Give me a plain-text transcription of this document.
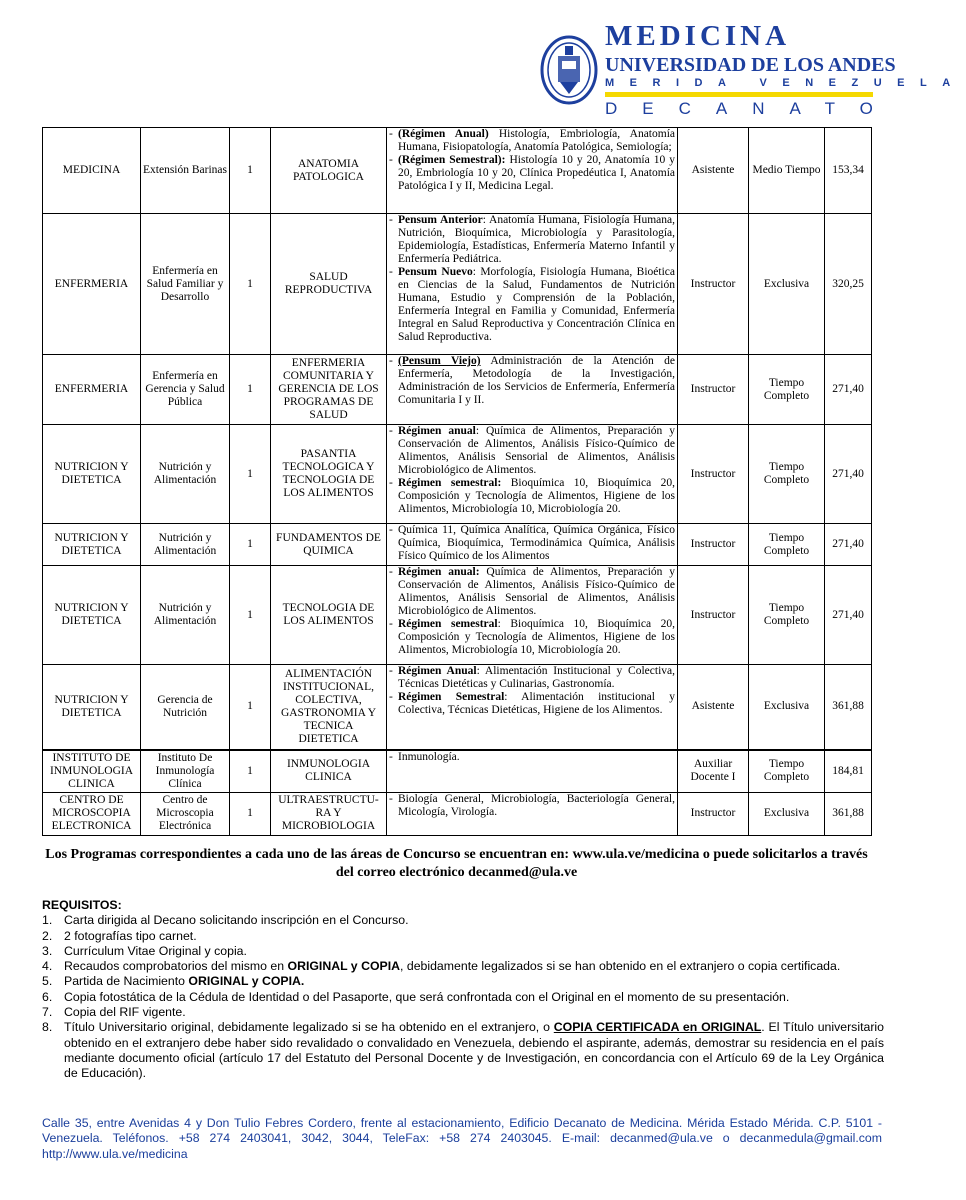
MEDICINA
UNIVERSIDAD DE LOS ANDES
MERIDA VENEZUELA
DECANATO
MEDICINA	Extensión Barinas	1	ANATOMIA PATOLOGICA	- (Régimen Anual) Histología, Embriología, Anatomía Humana, Fisiopatología, Anatomía Patológica, Semiología;
- (Régimen Semestral): Histología 10 y 20, Anatomía 10 y 20, Embriología 10 y 20, Clínica Propedéutica I, Anatomía Patológica I y II, Medicina Legal.	Asistente	Medio Tiempo	153,34
ENFERMERIA	Enfermería en Salud Familiar y Desarrollo	1	SALUD REPRODUCTIVA	- Pensum Anterior: Anatomía Humana, Fisiología Humana, Nutrición, Bioquímica, Microbiología y Parasitología, Epidemiología, Estadísticas, Enfermería Materno Infantil y Enfermería Pediátrica.
- Pensum Nuevo: Morfología, Fisiología Humana, Bioética en Ciencias de la Salud, Fundamentos de Nutrición Humana, Estudio y Comprensión de la Población, Enfermería Integral en Familia y Comunidad, Enfermería Integral en Salud Reproductiva y Concentración Clínica en Salud Reproductiva.	Instructor	Exclusiva	320,25
ENFERMERIA	Enfermería en Gerencia y Salud Pública	1	ENFERMERIA COMUNITARIA Y GERENCIA DE LOS PROGRAMAS DE SALUD	- (Pensum Viejo) Administración de la Atención de Enfermería, Metodología de la Investigación, Administración de los Servicios de Enfermería, Enfermería Comunitaria I y II.	Instructor	Tiempo Completo	271,40
NUTRICION Y DIETETICA	Nutrición y Alimentación	1	PASANTIA TECNOLOGICA Y TECNOLOGIA DE LOS ALIMENTOS	- Régimen anual: Química de Alimentos, Preparación y Conservación de Alimentos, Análisis Físico-Químico de Alimentos, Análisis Sensorial de Alimentos, Análisis Microbiológico de Alimentos.
- Régimen semestral: Bioquímica 10, Bioquímica 20, Composición y Tecnología de Alimentos, Higiene de los Alimentos, Microbiología 10, Microbiología 20.	Instructor	Tiempo Completo	271,40
NUTRICION Y DIETETICA	Nutrición y Alimentación	1	FUNDAMENTOS DE QUIMICA	- Química 11, Química Analítica, Química Orgánica, Físico Química, Bioquímica, Termodinámica Química, Análisis Físico Químico de los Alimentos	Instructor	Tiempo Completo	271,40
NUTRICION Y DIETETICA	Nutrición y Alimentación	1	TECNOLOGIA DE LOS ALIMENTOS	- Régimen anual: Química de Alimentos, Preparación y Conservación de Alimentos, Análisis Físico-Químico de Alimentos, Análisis Sensorial de Alimentos, Análisis Microbiológico de Alimentos.
- Régimen semestral: Bioquímica 10, Bioquímica 20, Composición y Tecnología de Alimentos, Higiene de los Alimentos, Microbiología 10, Microbiología 20.	Instructor	Tiempo Completo	271,40
NUTRICION Y DIETETICA	Gerencia de Nutrición	1	ALIMENTACIÓN INSTITUCIONAL, COLECTIVA, GASTRONOMIA Y TECNICA DIETETICA	- Régimen Anual: Alimentación Institucional y Colectiva, Técnicas Dietéticas y Culinarias, Gastronomía.
- Régimen Semestral: Alimentación institucional y Colectiva, Técnicas Dietéticas, Higiene de los Alimentos.	Asistente	Exclusiva	361,88
INSTITUTO DE INMUNOLOGIA CLINICA	Instituto De Inmunología Clínica	1	INMUNOLOGIA CLINICA	- Inmunología.	Auxiliar Docente I	Tiempo Completo	184,81
CENTRO DE MICROSCOPIA ELECTRONICA	Centro de Microscopia Electrónica	1	ULTRAESTRUCTU-RA Y MICROBIOLOGIA	- Biología General, Microbiología, Bacteriología General, Micología, Virología.	Instructor	Exclusiva	361,88
Los Programas correspondientes a cada uno de las áreas de Concurso se encuentran en: www.ula.ve/medicina o puede solicitarlos a través del correo electrónico decanmed@ula.ve
REQUISITOS:
1. Carta dirigida al Decano solicitando inscripción en el Concurso.
2. 2 fotografías tipo carnet.
3. Currículum Vitae Original y copia.
4. Recaudos comprobatorios del mismo en ORIGINAL y COPIA, debidamente legalizados si se han obtenido en el extranjero o copia certificada.
5. Partida de Nacimiento ORIGINAL y COPIA.
6. Copia fotostática de la Cédula de Identidad o del Pasaporte, que será confrontada con el Original en el momento de su presentación.
7. Copia del RIF vigente.
8. Título Universitario original, debidamente legalizado si se ha obtenido en el extranjero, o COPIA CERTIFICADA en ORIGINAL. El Título universitario obtenido en el extranjero debe haber sido revalidado o convalidado en Venezuela, debiendo el aspirante, además, demostrar su residencia en el país mediante documento oficial (artículo 17 del Estatuto del Personal Docente y de Investigación, en concordancia con el Artículo 69 de la Ley Orgánica de Educación).
Calle 35, entre Avenidas 4 y Don Tulio Febres Cordero, frente al estacionamiento, Edificio Decanato de Medicina. Mérida Estado Mérida. C.P. 5101 - Venezuela. Teléfonos. +58 274 2403041, 3042, 3044, TeleFax: +58 274 2403045. E-mail: decanmed@ula.ve o decanmedula@gmail.com http://www.ula.ve/medicina
